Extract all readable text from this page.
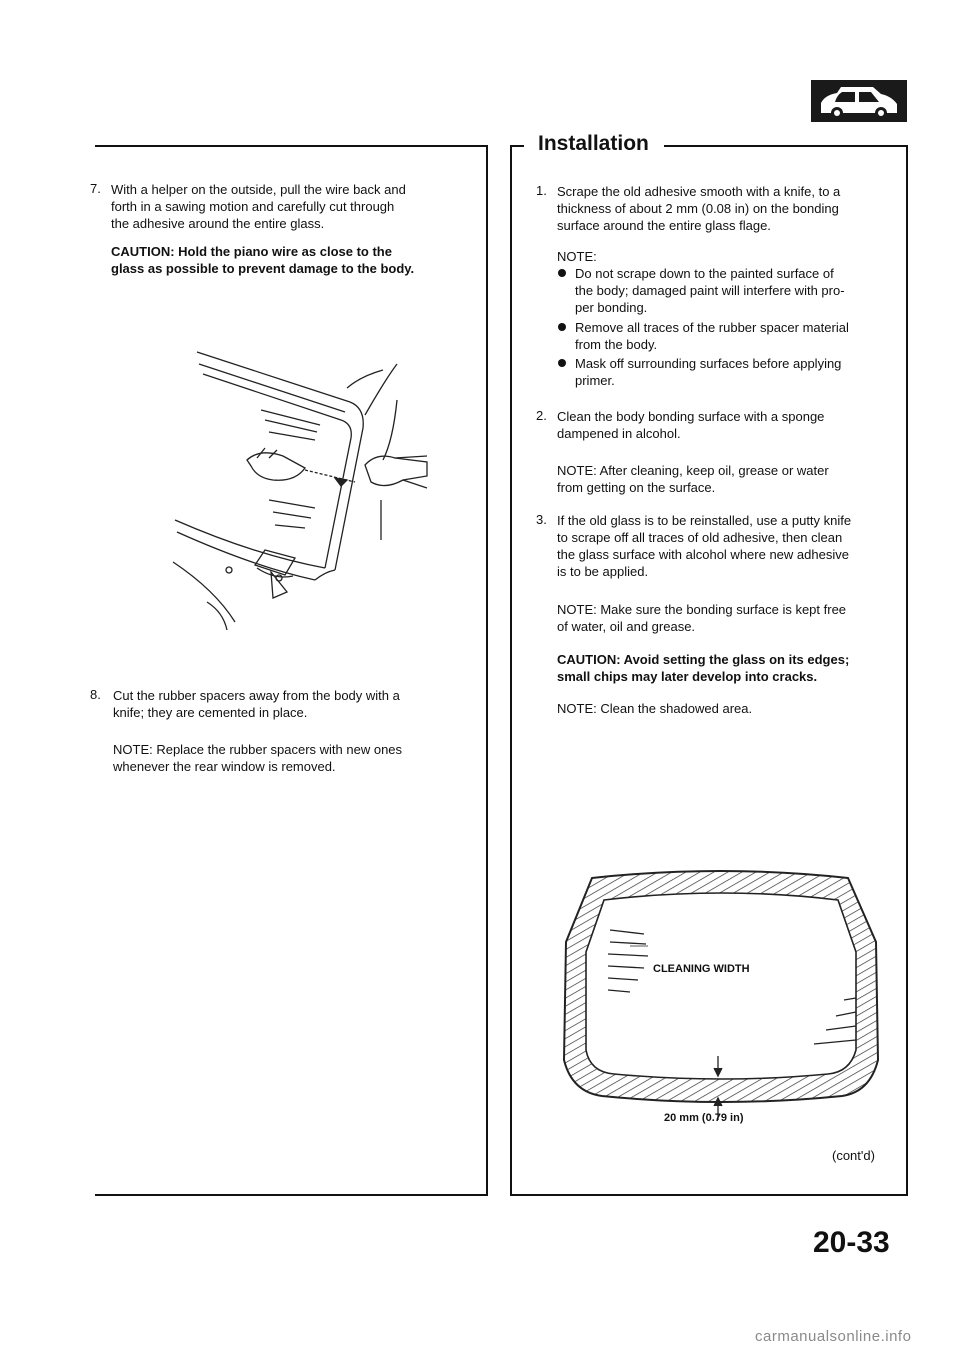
7. With a helper on the outside, pull the wire back and
forth in a sawing motion and carefully cut through
the adhesive around the entire glass.
CAUTION: Hold the piano wire as close to the
glass as possible to prevent damage to the body.
8. Cut the rubber spacers away from the body with a
knife; they are cemented in place.
NOTE: Replace the rubber spacers with new ones
whenever the rear window is removed.
Installation
1. Scrape the old adhesive smooth with a knife, to a
thickness of about 2 mm (0.08 in) on the bonding
surface around the entire glass flage.
NOTE:
Do not scrape down to the painted surface of
the body; damaged paint will interfere with pro-
per bonding.
Remove all traces of the rubber spacer material
from the body.
Mask off surrounding surfaces before applying
primer.
2. Clean the body bonding surface with a sponge
dampened in alcohol.
NOTE: After cleaning, keep oil, grease or water
from getting on the surface.
3. If the old glass is to be reinstalled, use a putty knife
to scrape off all traces of old adhesive, then clean
the glass surface with alcohol where new adhesive
is to be applied.
NOTE: Make sure the bonding surface is kept free
of water, oil and grease.
CAUTION: Avoid setting the glass on its edges;
small chips may later develop into cracks.
NOTE: Clean the shadowed area.
CLEANING WIDTH
20 mm (0.79 in)
(cont'd)
20-33
carmanualsonline.info
